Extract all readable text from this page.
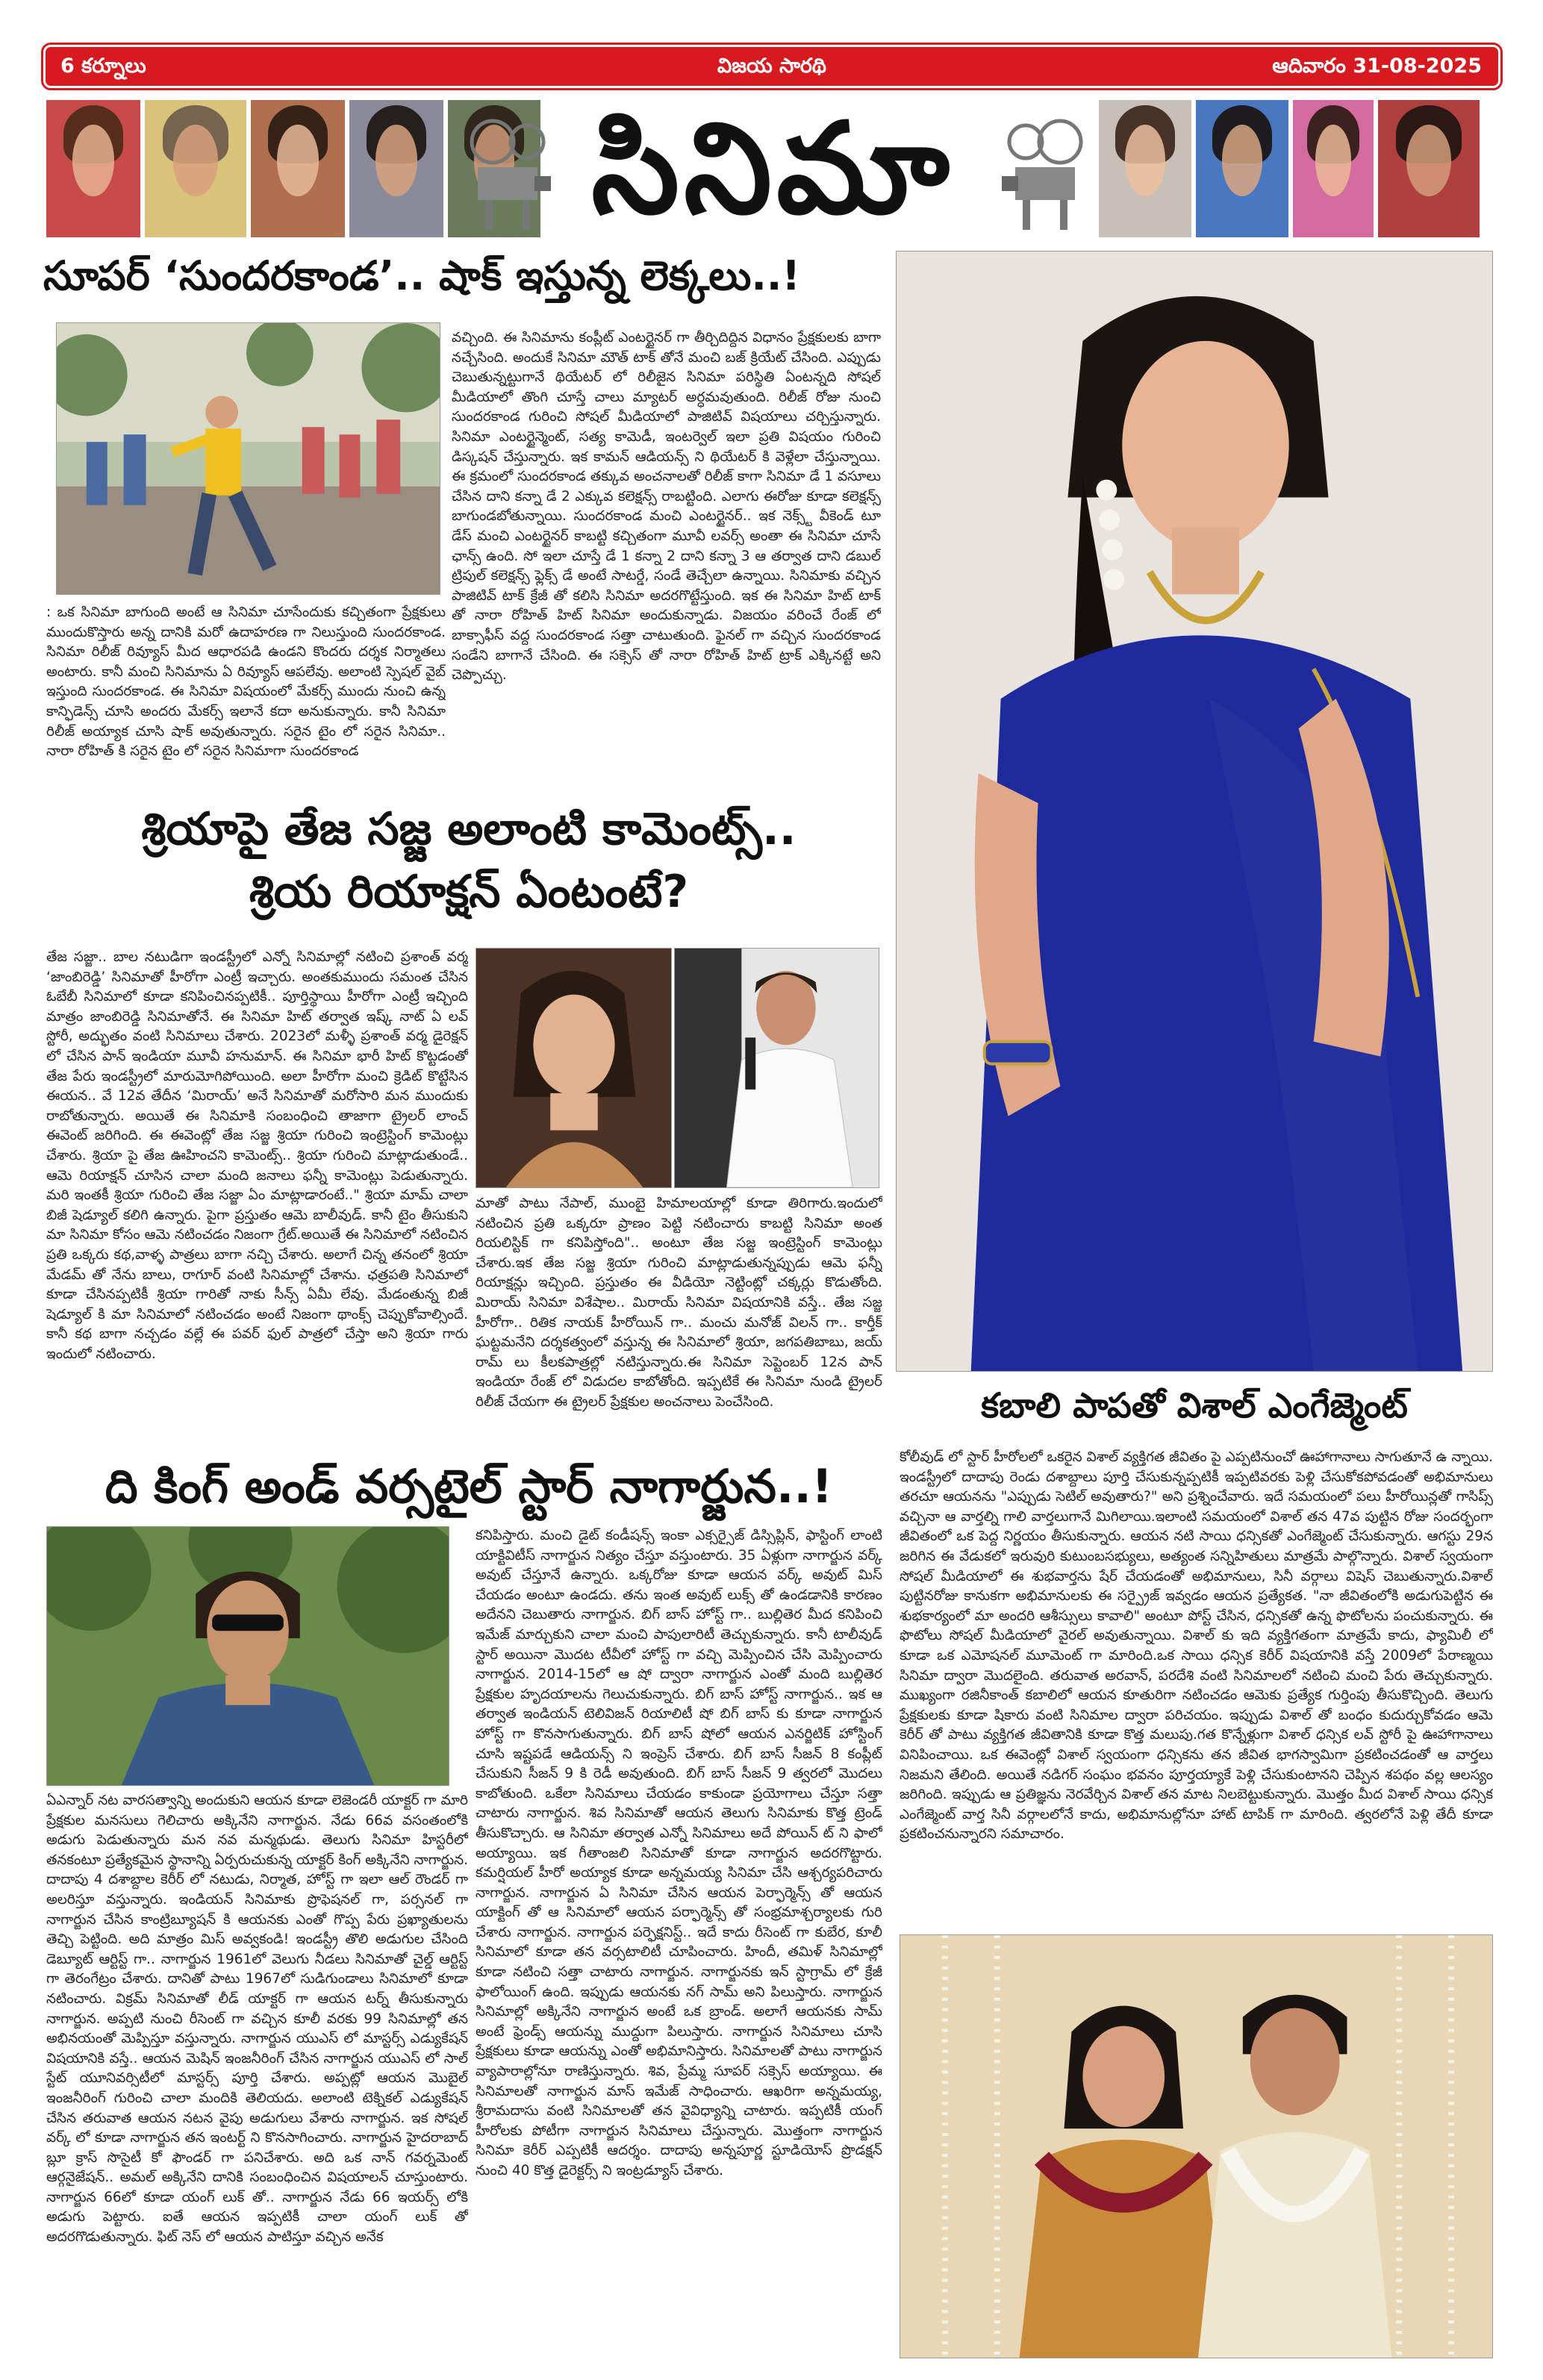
6 కర్నూలు	విజయ సారథి	ఆదివారం 31-08-2025
సినిమా
సూపర్ ‘సుందరకాండ’.. షాక్ ఇస్తున్న లెక్కలు..!
: ఒక సినిమా బాగుంది అంటే ఆ సినిమా చూసేందుకు కచ్చితంగా ప్రేక్షకులు ముందుకొస్తారు అన్న దానికి మరో ఉదాహరణ గా నిలుస్తుంది సుందరకాండ. సినిమా రిలీజ్ రివ్యూస్ మీద ఆధారపడి ఉండని కొందరు దర్శక నిర్మాతలు అంటారు. కానీ మంచి సినిమాను ఏ రివ్యూస్ ఆపలేవు. అలాంటి స్పెషల్ వైబ్ ఇస్తుంది సుందరకాండ. ఈ సినిమా విషయంలో మేకర్స్ ముందు నుంచి ఉన్న కాన్ఫిడెన్స్ చూసి అందరు మేకర్స్ ఇలానే కదా అనుకున్నారు. కానీ సినిమా రిలీజ్ అయ్యాక చూసి షాక్ అవుతున్నారు. సరైన టైం లో సరైన సినిమా.. నారా రోహిత్ కి సరైన టైం లో సరైన సినిమాగా సుందరకాండ
వచ్చింది. ఈ సినిమాను కంప్లీట్ ఎంటర్టైనర్ గా తీర్చిదిద్దిన విధానం ప్రేక్షకులకు బాగా నచ్చేసింది. అందుకే సినిమా మౌత్ టాక్ తోనే మంచి బజ్ క్రియేట్ చేసింది. ఎప్పుడు చెబుతున్నట్టుగానే థియేటర్ లో రిలీజైన సినిమా పరిస్థితి ఏంటన్నది సోషల్ మీడియాలో తొంగి చూస్తే చాలు మ్యాటర్ అర్ధమవుతుంది. రిలీజ్ రోజు నుంచి సుందరకాండ గురించి సోషల్ మీడియాలో పాజిటివ్ విషయాలు చర్చిస్తున్నారు. సినిమా ఎంటర్టైన్మెంట్, సత్య కామెడీ, ఇంటర్వెల్ ఇలా ప్రతి విషయం గురించి డిస్కషన్ చేస్తున్నారు. ఇక కామన్ ఆడియన్స్ ని థియేటర్ కి వెళ్లేలా చేస్తున్నాయి. ఈ క్రమంలో సుందరకాండ తక్కువ అంచనాలతో రిలీజ్ కాగా సినిమా డే 1 వసూలు చేసిన దాని కన్నా డే 2 ఎక్కువ కలెక్షన్స్ రాబట్టింది. ఎలాగు ఈరోజు కూడా కలెక్షన్స్ బాగుండబోతున్నాయి. సుందరకాండ మంచి ఎంటర్టైనర్.. ఇక నెక్స్ట్ వీకెండ్ టూ డేస్ మంచి ఎంటర్టైనర్ కాబట్టి కచ్చితంగా మూవీ లవర్స్ అంతా ఈ సినిమా చూసే ఛాన్స్ ఉంది. సో ఇలా చూస్తే డే 1 కన్నా 2 దాని కన్నా 3 ఆ తర్వాత దాని డబుల్ ట్రిపుల్ కలెక్షన్స్ ఫ్లెక్స్ డే అంటే సాటర్డే, సండే తెచ్చేలా ఉన్నాయి. సినిమాకు వచ్చిన పాజిటివ్ టాక్ క్రేజీ తో కలిసి సినిమా అదరగొట్టేస్తుంది. ఇక ఈ సినిమా హిట్ టాక్ తో నారా రోహిత్ హిట్ సినిమా అందుకున్నాడు. విజయం వరించే రేంజ్ లో బాక్సాఫీస్ వద్ద సుందరకాండ సత్తా చాటుతుంది. ఫైనల్ గా వచ్చిన సుందరకాండ సండేని బాగానే చేసింది. ఈ సక్సెస్ తో నారా రోహిత్ హిట్ ట్రాక్ ఎక్కినట్టే అని చెప్పొచ్చు.
శ్రియాపై తేజ సజ్జ అలాంటి కామెంట్స్..
శ్రియ రియాక్షన్ ఏంటంటే?
తేజ సజ్జా.. బాల నటుడిగా ఇండస్ట్రీలో ఎన్నో సినిమాల్లో నటించి ప్రశాంత్ వర్మ ‘జాంబిరెడ్డి’ సినిమాతో హీరోగా ఎంట్రీ ఇచ్చారు. అంతకుముందు సమంత చేసిన ఓబేబీ సినిమాలో కూడా కనిపించినప్పటికీ.. పూర్తిస్థాయి హీరోగా ఎంట్రీ ఇచ్చింది మాత్రం జాంబిరెడ్డి సినిమాతోనే. ఈ సినిమా హిట్ తర్వాత ఇష్క్ నాట్ ఏ లవ్ స్టోరీ, అద్భుతం వంటి సినిమాలు చేశారు. 2023లో మళ్ళీ ప్రశాంత్ వర్మ డైరెక్షన్ లో చేసిన పాన్ ఇండియా మూవీ హనుమాన్. ఈ సినిమా భారీ హిట్ కొట్టడంతో తేజ పేరు ఇండస్ట్రీలో మారుమోగిపోయింది. అలా హీరోగా మంచి క్రెడిట్ కొట్టేసిన ఈయన.. వే 12వ తేదీన ‘మిరాయ్’ అనే సినిమాతో మరోసారి మన ముందుకు రాబోతున్నారు. అయితే ఈ సినిమాకి సంబంధించి తాజాగా ట్రైలర్ లాంచ్ ఈవెంట్ జరిగింది. ఈ ఈవెంట్లో తేజ సజ్జ శ్రియా గురించి ఇంట్రెస్టింగ్ కామెంట్లు చేశారు. శ్రియా పై తేజ ఊహించని కామెంట్స్.. శ్రియా గురించి మాట్లాడుతుండే.. ఆమె రియాక్షన్ చూసిన చాలా మంది జనాలు ఫన్నీ కామెంట్లు పెడుతున్నారు. మరి ఇంతకీ శ్రియా గురించి తేజ సజ్జా ఏం మాట్లాడారంటే.." శ్రియా మామ్ చాలా బిజీ షెడ్యూల్ కలిగి ఉన్నారు. పైగా ప్రస్తుతం ఆమె బాలీవుడ్. కానీ టైం తీసుకుని మా సినిమా కోసం ఆమె నటించడం నిజంగా గ్రేట్.అయితే ఈ సినిమాలో నటించిన ప్రతి ఒక్కరు కథ,వాళ్ళ పాత్రలు బాగా నచ్చి చేశారు. అలాగే చిన్న తనంలో శ్రియా మేడమ్ తో నేను బాలు, రాగూర్ వంటి సినిమాల్లో చేశాను. ఛత్రపతి సినిమాలో కూడా చేసినప్పటికీ శ్రియా గారితో నాకు సీన్స్ ఏమీ లేవు. మేడంతున్న బిజీ షెడ్యూల్ కి మా సినిమాలో నటించడం అంటే నిజంగా థాంక్స్ చెప్పుకోవాల్సిందే. కానీ కథ బాగా నచ్చడం వల్లే ఈ పవర్ ఫుల్ పాత్రలో చేస్తా అని శ్రియా గారు ఇందులో నటించారు.
మాతో పాటు నేపాల్, ముంబై హిమాలయాల్లో కూడా తిరిగారు.ఇందులో నటించిన ప్రతి ఒక్కరూ ప్రాణం పెట్టి నటించారు కాబట్టి సినిమా అంత రియలిస్టిక్ గా కనిపిస్తోంది".. అంటూ తేజ సజ్జ ఇంట్రెస్టింగ్ కామెంట్లు చేశారు.ఇక తేజ సజ్జ శ్రియా గురించి మాట్లాడుతున్నప్పుడు ఆమె ఫన్నీ రియాక్షన్లు ఇచ్చింది. ప్రస్తుతం ఈ వీడియో నెట్టింట్లో చక్కర్లు కొడుతోంది. మిరాయ్ సినిమా విశేషాల.. మిరాయ్ సినిమా విషయానికి వస్తే.. తేజ సజ్జ హీరోగా.. రితిక నాయక్ హీరోయిన్ గా.. మంచు మనోజ్ విలన్ గా.. కార్తీక్ ఘట్టమనేని దర్శకత్వంలో వస్తున్న ఈ సినిమాలో శ్రియా, జగపతిబాబు, జయ్ రామ్ లు కీలకపాత్రల్లో నటిస్తున్నారు.ఈ సినిమా సెప్టెంబర్ 12న పాన్ ఇండియా రేంజ్ లో విడుదల కాబోతోంది. ఇప్పటికే ఈ సినిమా నుండి ట్రైలర్ రిలీజ్ చేయగా ఈ ట్రైలర్ ప్రేక్షకుల అంచనాలు పెంచేసింది.
ది కింగ్ అండ్ వర్సటైల్ స్టార్ నాగార్జున..!
ఏఎన్నార్ నట వారసత్వాన్ని అందుకుని ఆయన కూడా లెజెండరీ యాక్టర్ గా మారి ప్రేక్షకుల మనసులు గెలిచారు అక్కినేని నాగార్జున. నేడు 66వ వసంతంలోకి అడుగు పెడుతున్నారు మన నవ మన్మథుడు. తెలుగు సినిమా హిస్టరీలో తనకంటూ ప్రత్యేకమైన స్థానాన్ని ఏర్పరుచుకున్న యాక్టర్ కింగ్ అక్కినేని నాగార్జున. దాదాపు 4 దశాబ్దాల కెరీర్ లో నటుడు, నిర్మాత, హోస్ట్ గా ఇలా ఆల్ రౌండర్ గా అలరిస్తూ వస్తున్నారు. ఇండియన్ సినిమాకు ప్రొఫెషనల్ గా, పర్సనల్ గా నాగార్జున చేసిన కాంట్రిబ్యూషన్ కి ఆయనకు ఎంతో గొప్ప పేరు ప్రఖ్యాతులను తెచ్చి పెట్టింది. అది మాత్రం మిస్ అవ్వకండి! ఇండస్ట్రీ తొలి అడుగుల చేసింది డెబ్యూట్ ఆర్టిస్ట్ గా.. నాగార్జున 1961లో వెలుగు నీడలు సినిమాతో చైల్డ్ ఆర్టిస్ట్ గా తెరంగేట్రం చేశారు. దానితో పాటు 1967లో సుడిగుండాలు సినిమాలో కూడా నటించారు. విక్రమ్ సినిమాతో లీడ్ యాక్టర్ గా ఆయన టర్న్ తీసుకున్నారు నాగార్జున. అప్పటి నుంచి రీసెంట్ గా వచ్చిన కూలీ వరకు 99 సినిమాల్లో తన అభినయంతో మెప్పిస్తూ వస్తున్నారు. నాగార్జున యుఎస్ లో మాస్టర్స్ ఎడ్యుకేషన్ విషయానికి వస్తే.. ఆయన మెషిన్ ఇంజనీరింగ్ చేసిన నాగార్జున యుఎస్ లో సాల్ స్టేట్ యూనివర్సిటీలో మాస్టర్స్ పూర్తి చేశారు. అప్పట్లో ఆయన మొబైల్ ఇంజనీరింగ్ గురించి చాలా మందికి తెలియదు. అలాంటి టెక్నికల్ ఎడ్యుకేషన్ చేసిన తరువాత ఆయన నటన వైపు అడుగులు వేశారు నాగార్జున. ఇక సోషల్ వర్క్ లో కూడా నాగార్జున తన ఇంటర్ట్ ని కొనసాగించారు. నాగార్జున హైదరాబాద్ బ్లూ క్రాస్ సొసైటీ కో ఫౌండర్ గా పనిచేశారు. అది ఒక నాన్ గవర్నమెంట్ ఆర్గనైజేషన్.. అమల్ అక్కినేని దానికి సంబంధించిన విషయాలన్ చూస్తుంటారు. నాగార్జున 66లో కూడా యంగ్ లుక్ తో.. నాగార్జున నేడు 66 ఇయర్స్ లోకి అడుగు పెట్టారు. ఐతే ఆయన ఇప్పటికీ చాలా యంగ్ లుక్ తో అదరగొడుతున్నారు. ఫిట్ నెస్ లో ఆయన పాటిస్తూ వచ్చిన అనేక
కనిపిస్తారు. మంచి డైట్ కండీషన్స్ ఇంకా ఎక్సర్సైజ్ డిస్సిప్లిన్, ఫాస్టింగ్ లాంటి యాక్టివిటీస్ నాగార్జున నిత్యం చేస్తూ వస్తుంటారు. 35 ఏళ్లుగా నాగార్జున వర్క్ అవుట్ చేస్తూనే ఉన్నారు. ఒక్కరోజు కూడా ఆయన వర్క్ అవుట్ మిస్ చేయడం అంటూ ఉండదు. తను ఇంత అవుట్ లుక్స్ తో ఉండడానికి కారణం అదేనని చెబుతారు నాగార్జున. బిగ్ బాస్ హోస్ట్ గా.. బుల్లితెర మీద కనిపించి ఇమేజ్ మార్చుకుని చాలా మంచి పాపులారిటీ తెచ్చుకున్నారు. కానీ టాలీవుడ్ స్టార్ అయినా మొదట టీవీలో హోస్ట్ గా వచ్చి మెప్పించిన చేసి మెప్పించారు నాగార్జున. 2014-15లో ఆ షో ద్వారా నాగార్జున ఎంతో మంది బుల్లితెర ప్రేక్షకుల హృదయాలను గెలుచుకున్నారు. బిగ్ బాస్ హోస్ట్ నాగార్జున.. ఇక ఆ తర్వాత ఇండియన్ టెలివిజన్ రియాలిటీ షో బిగ్ బాస్ కు కూడా నాగార్జున హోస్ట్ గా కొనసాగుతున్నారు. బిగ్ బాస్ షోలో ఆయన ఎనర్జిటిక్ హోస్టింగ్ చూసి ఇష్టపడే ఆడియన్స్ ని ఇంప్రెస్ చేశారు. బిగ్ బాస్ సీజన్ 8 కంప్లీట్ చేసుకుని సీజన్ 9 కి రెడీ అవుతుంది. బిగ్ బాస్ సీజన్ 9 త్వరలో మొదలు కాబోతుంది. ఒకేలా సినిమాలు చేయడం కాకుండా ప్రయోగాలు చేస్తూ సత్తా చాటారు నాగార్జున. శివ సినిమాతో ఆయన తెలుగు సినిమాకు కొత్త ట్రెండ్ తీసుకొచ్చారు. ఆ సినిమా తర్వాత ఎన్నో సినిమాలు అదే పోయిన్ ట్ ని ఫాలో అయ్యాయి. ఇక గీతాంజలి సినిమాతో కూడా నాగార్జున అదరగొట్టారు. కమర్షియల్ హీరో అయ్యాక కూడా అన్నమయ్య సినిమా చేసి ఆశ్చర్యపరిచారు నాగార్జున. నాగార్జున ఏ సినిమా చేసిన ఆయన పెర్ఫార్మెన్స్ తో ఆయన యాక్టింగ్ తో ఆ సినిమాలో ఆయన పర్ఫార్మెన్స్ తో సంభ్రమాశ్చర్యాలకు గురి చేశారు నాగార్జున. నాగార్జున పర్ఫెక్షనిస్ట్.. ఇదే కాదు రీసెంట్ గా కుబేర, కూలీ సినిమాలో కూడా తన వర్సటాలిటీ చూపించారు. హిందీ, తమిళ్ సినిమాల్లో కూడా నటించి సత్తా చాటారు నాగార్జున. నాగార్జునకు ఇన్ స్టాగ్రామ్ లో క్రేజీ ఫాలోయింగ్ ఉంది. ఇప్పుడు ఆయనకు నగ్ సామ్ అని పిలుస్తారు. నాగార్జున సినిమాల్లో అక్కినేని నాగార్జున అంటే ఒక బ్రాండ్. అలాగే ఆయనకు సామ్ అంటే ఫ్రెండ్స్ ఆయన్ను ముద్దుగా పిలుస్తారు. నాగార్జున సినిమాలు చూసి ప్రేక్షకులు కూడా ఆయన్ను ఎంతో అభిమానిస్తారు. సినిమాలతో పాటు నాగార్జున వ్యాపారాల్లోనూ రాణిస్తున్నారు. శివ, ప్రేమ్మ సూపర్ సక్సెస్ అయ్యాయి. ఈ సినిమాలతో నాగార్జున మాస్ ఇమేజ్ సాధించారు. ఆఖరిగా అన్నమయ్య, శ్రీరామదాసు వంటి సినిమాలతో తన వైవిధ్యాన్ని చాటారు. ఇప్పటికీ యంగ్ హీరోలకు పోటీగా నాగార్జున సినిమాలు చేస్తున్నారు. మొత్తంగా నాగార్జున సినిమా కెరీర్ ఎప్పటికీ ఆదర్శం. దాదాపు అన్నపూర్ణ స్టూడియోస్ ప్రొడక్షన్ నుంచి 40 కొత్త డైరెక్టర్స్ ని ఇంట్రడ్యూస్ చేశారు.
కబాలి పాపతో విశాల్ ఎంగేజ్మెంట్
కోలీవుడ్ లో స్టార్ హీరోలలో ఒకరైన విశాల్ వ్యక్తిగత జీవితం పై ఎప్పటినుంచో ఊహాగానాలు సాగుతూనే ఉ న్నాయి. ఇండస్ట్రీలో దాదాపు రెండు దశాబ్దాలు పూర్తి చేసుకున్నప్పటికీ ఇప్పటివరకు పెళ్లి చేసుకోకపోవడంతో అభిమానులు తరచూ ఆయనను "ఎప్పుడు సెటిల్ అవుతారు?" అని ప్రశ్నించేవారు. ఇదే సమయంలో పలు హీరోయిన్లతో గాసిప్స్ వచ్చినా ఆ వార్తల్ని గాలి వార్తలుగానే మిగిలాయి.ఇలాంటి సమయంలో విశాల్ తన 47వ పుట్టిన రోజు సందర్భంగా జీవితంలో ఒక పెద్ద నిర్ణయం తీసుకున్నారు. ఆయన నటి సాయి ధన్సికతో ఎంగేజ్మెంట్ చేసుకున్నారు. ఆగస్టు 29న జరిగిన ఈ వేడుకలో ఇరువురి కుటుంబసభ్యులు, అత్యంత సన్నిహితులు మాత్రమే పాల్గొన్నారు. విశాల్ స్వయంగా సోషల్ మీడియాలో ఈ శుభవార్తను షేర్ చేయడంతో అభిమానులు, సినీ వర్గాలు విషెస్ చెబుతున్నారు.విశాల్ పుట్టినరోజు కానుకగా అభిమానులకు ఈ సర్ప్రైజ్ ఇవ్వడం ఆయన ప్రత్యేకత. "నా జీవితంలోకి అడుగుపెట్టిన ఈ శుభకార్యంలో మా అందరి ఆశీస్సులు కావాలి" అంటూ పోస్ట్ చేసిన, ధన్సికతో ఉన్న ఫొటోలను పంచుకున్నారు. ఈ ఫొటోలు సోషల్ మీడియాలో వైరల్ అవుతున్నాయి. విశాల్ కు ఇది వ్యక్తిగతంగా మాత్రమే కాదు, ఫ్యామిలీ లో కూడా ఒక ఎమోషనల్ మూమెంట్ గా మారింది.ఒక సాయి ధన్సిక కెరీర్ విషయానికి వస్తే 2009లో పేరాణ్మయి సినిమా ద్వారా మొదలైంది. తరువాత అరవాన్, పరదేశి వంటి సినిమాలలో నటించి మంచి పేరు తెచ్చుకున్నారు. ముఖ్యంగా రజినీకాంత్ కబాలిలో ఆయన కూతురిగా నటించడం ఆమెకు ప్రత్యేక గుర్తింపు తీసుకొచ్చింది. తెలుగు ప్రేక్షకులకు కూడా షికారు వంటి సినిమాల ద్వారా పరిచయం. ఇప్పుడు విశాల్ తో బంధం కుదుర్చుకోవడం ఆమె కెరీర్ తో పాటు వ్యక్తిగత జీవితానికి కూడా కొత్త మలుపు.గత కొన్నేళ్లుగా విశాల్ ధన్సిక లవ్ స్టోరీ పై ఊహాగానాలు వినిపించాయి. ఒక ఈవెంట్లో విశాల్ స్వయంగా ధన్సికను తన జీవిత భాగస్వామిగా ప్రకటించడంతో ఆ వార్తలు నిజమని తేలింది. అయితే నడిగర్ సంఘం భవనం పూర్తయ్యాకే పెళ్లి చేసుకుంటానని చెప్పిన శపథం వల్ల ఆలస్యం జరిగింది. ఇప్పుడు ఆ ప్రతిజ్ఞను నెరవేర్చిన విశాల్ తన మాట నిలబెట్టుకున్నారు. మొత్తం మీద విశాల్ సాయి ధన్సిక ఎంగేజ్మెంట్ వార్త సినీ వర్గాలలోనే కాదు, అభిమానుల్లోనూ హాట్ టాపిక్ గా మారింది. త్వరలోనే పెళ్లి తేదీ కూడా ప్రకటించనున్నారని సమాచారం.
